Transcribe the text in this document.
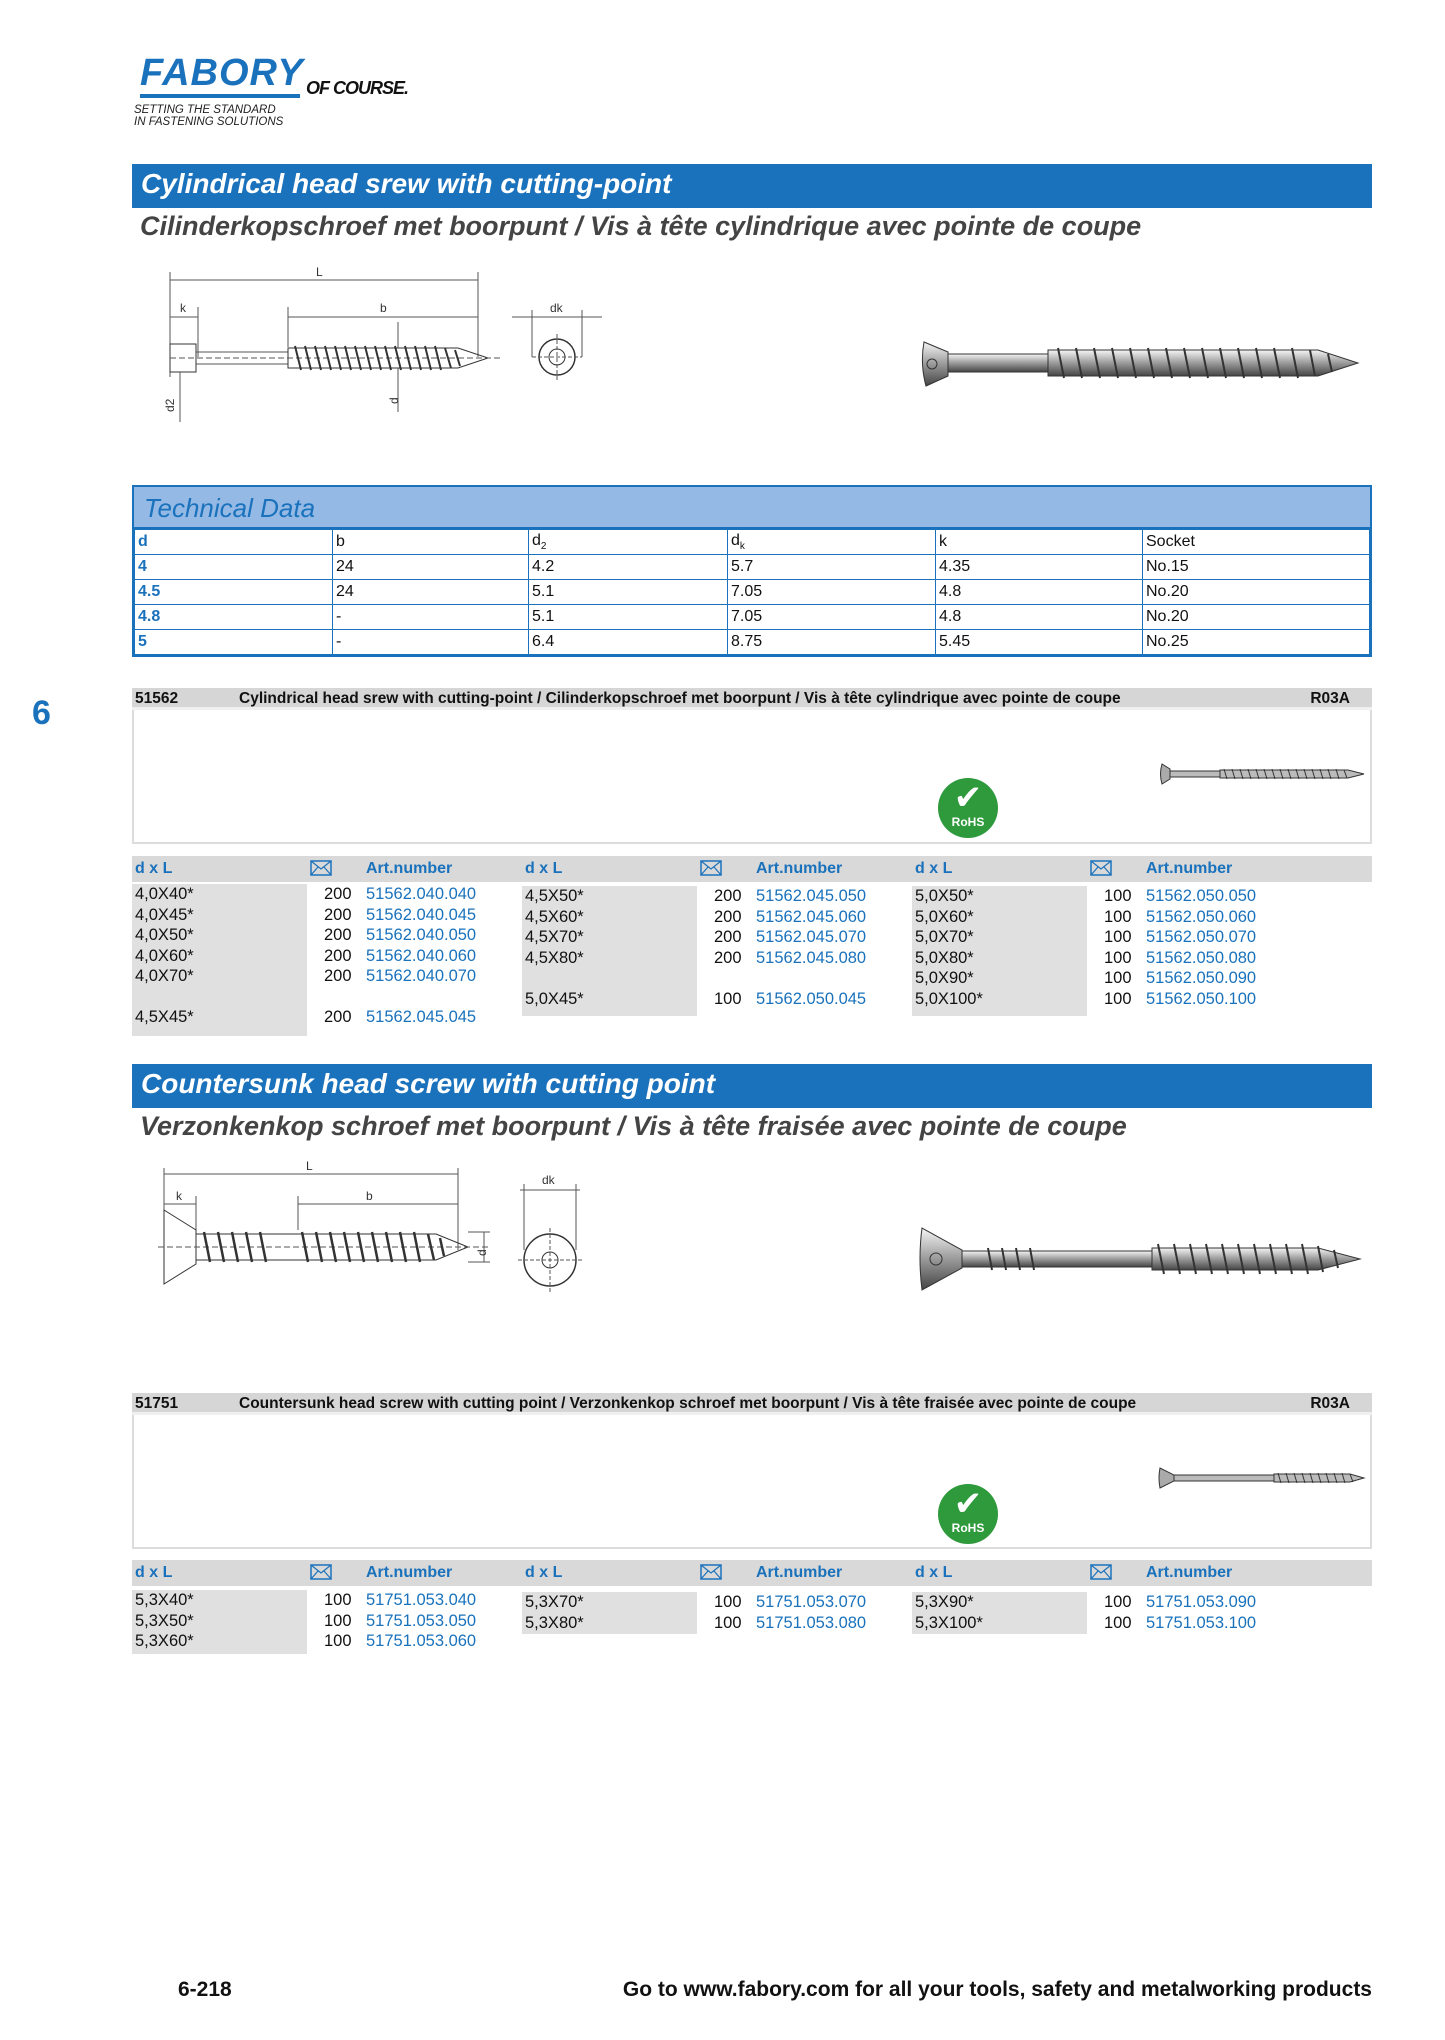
FABORY OF COURSE.
SETTING THE STANDARD
IN FASTENING SOLUTIONS
6
Cylindrical head srew with cutting-point
Cilinderkopschroef met boorpunt / Vis à tête cylindrique avec pointe de coupe
L
k	b
d2	d
dk
Technical Data
d	b	$d_2$	$d_k$	k	Socket
4	24	4.2	5.7	4.35	No.15
4.5	24	5.1	7.05	4.8	No.20
4.8	-	5.1	7.05	4.8	No.20
5	-	6.4	8.75	5.45	No.25
51562	Cylindrical head srew with cutting-point / Cilinderkopschroef met boorpunt / Vis à tête cylindrique avec pointe de coupe	R03A
✔
RoHS
d x L	Art.number	d x L	Art.number	d x L	Art.number
4,0X40*	200 51562.040.040
4,0X45*	200 51562.040.045
4,0X50*	200 51562.040.050
4,0X60*	200 51562.040.060
4,0X70*	200 51562.040.070
4,5X45*	200 51562.045.045
4,5X50*	200 51562.045.050
4,5X60*	200 51562.045.060
4,5X70*	200 51562.045.070
4,5X80*	200 51562.045.080
5,0X45*	100 51562.050.045
5,0X50*	100 51562.050.050
5,0X60*	100 51562.050.060
5,0X70*	100 51562.050.070
5,0X80*	100 51562.050.080
5,0X90*	100 51562.050.090
5,0X100*	100 51562.050.100
Countersunk head screw with cutting point
Verzonkenkop schroef met boorpunt / Vis à tête fraisée avec pointe de coupe
L
k	b
d
dk
51751	Countersunk head screw with cutting point / Verzonkenkop schroef met boorpunt / Vis à tête fraisée avec pointe de coupe	R03A
✔
RoHS
d x L	Art.number	d x L	Art.number	d x L	Art.number
5,3X40*	100 51751.053.040
5,3X50*	100 51751.053.050
5,3X60*	100 51751.053.060
5,3X70*	100 51751.053.070
5,3X80*	100 51751.053.080
5,3X90*	100 51751.053.090
5,3X100*	100 51751.053.100
6-218	Go to www.fabory.com for all your tools, safety and metalworking products
